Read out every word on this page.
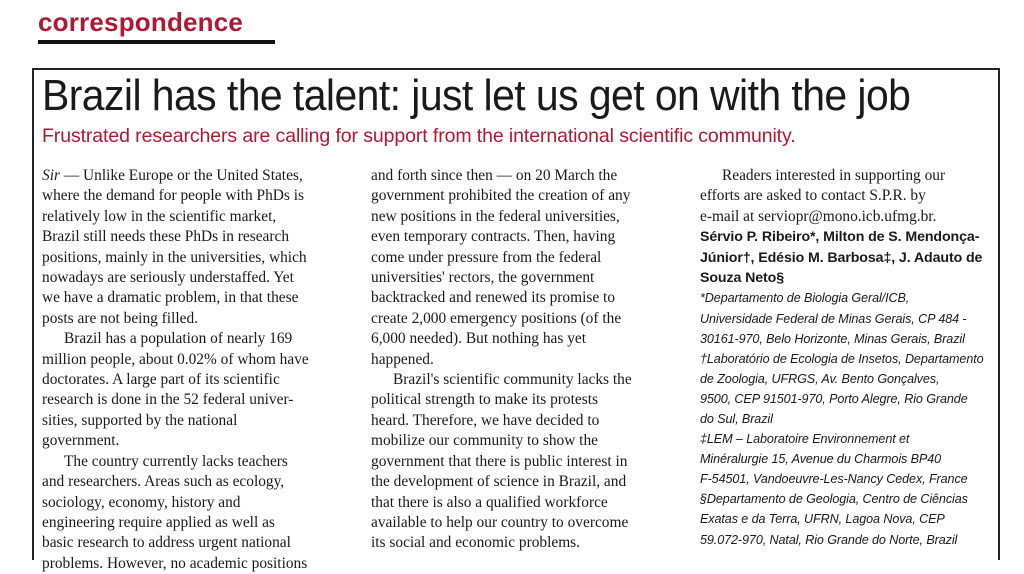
correspondence
Brazil has the talent: just let us get on with the job
Frustrated researchers are calling for support from the international scientific community.
Sir — Unlike Europe or the United States,
where the demand for people with PhDs is
relatively low in the scientific market,
Brazil still needs these PhDs in research
positions, mainly in the universities, which
nowadays are seriously understaffed. Yet
we have a dramatic problem, in that these
posts are not being filled.
Brazil has a population of nearly 169
million people, about 0.02% of whom have
doctorates. A large part of its scientific
research is done in the 52 federal univer-
sities, supported by the national
government.
The country currently lacks teachers
and researchers. Areas such as ecology,
sociology, economy, history and
engineering require applied as well as
basic research to address urgent national
problems. However, no academic positions
and forth since then — on 20 March the
government prohibited the creation of any
new positions in the federal universities,
even temporary contracts. Then, having
come under pressure from the federal
universities' rectors, the government
backtracked and renewed its promise to
create 2,000 emergency positions (of the
6,000 needed). But nothing has yet
happened.
Brazil's scientific community lacks the
political strength to make its protests
heard. Therefore, we have decided to
mobilize our community to show the
government that there is public interest in
the development of science in Brazil, and
that there is also a qualified workforce
available to help our country to overcome
its social and economic problems.
Readers interested in supporting our
efforts are asked to contact S.P.R. by
e-mail at serviopr@mono.icb.ufmg.br.
Sérvio P. Ribeiro*, Milton de S. Mendonça-
Júnior†, Edésio M. Barbosa‡, J. Adauto de
Souza Neto§
*Departamento de Biologia Geral/ICB,
Universidade Federal de Minas Gerais, CP 484 -
30161-970, Belo Horizonte, Minas Gerais, Brazil
†Laboratório de Ecologia de Insetos, Departamento
de Zoologia, UFRGS, Av. Bento Gonçalves,
9500, CEP 91501-970, Porto Alegre, Rio Grande
do Sul, Brazil
‡LEM – Laboratoire Environnement et
Minéralurgie 15, Avenue du Charmois BP40
F-54501, Vandoeuvre-Les-Nancy Cedex, France
§Departamento de Geologia, Centro de Ciências
Exatas e da Terra, UFRN, Lagoa Nova, CEP
59.072-970, Natal, Rio Grande do Norte, Brazil
